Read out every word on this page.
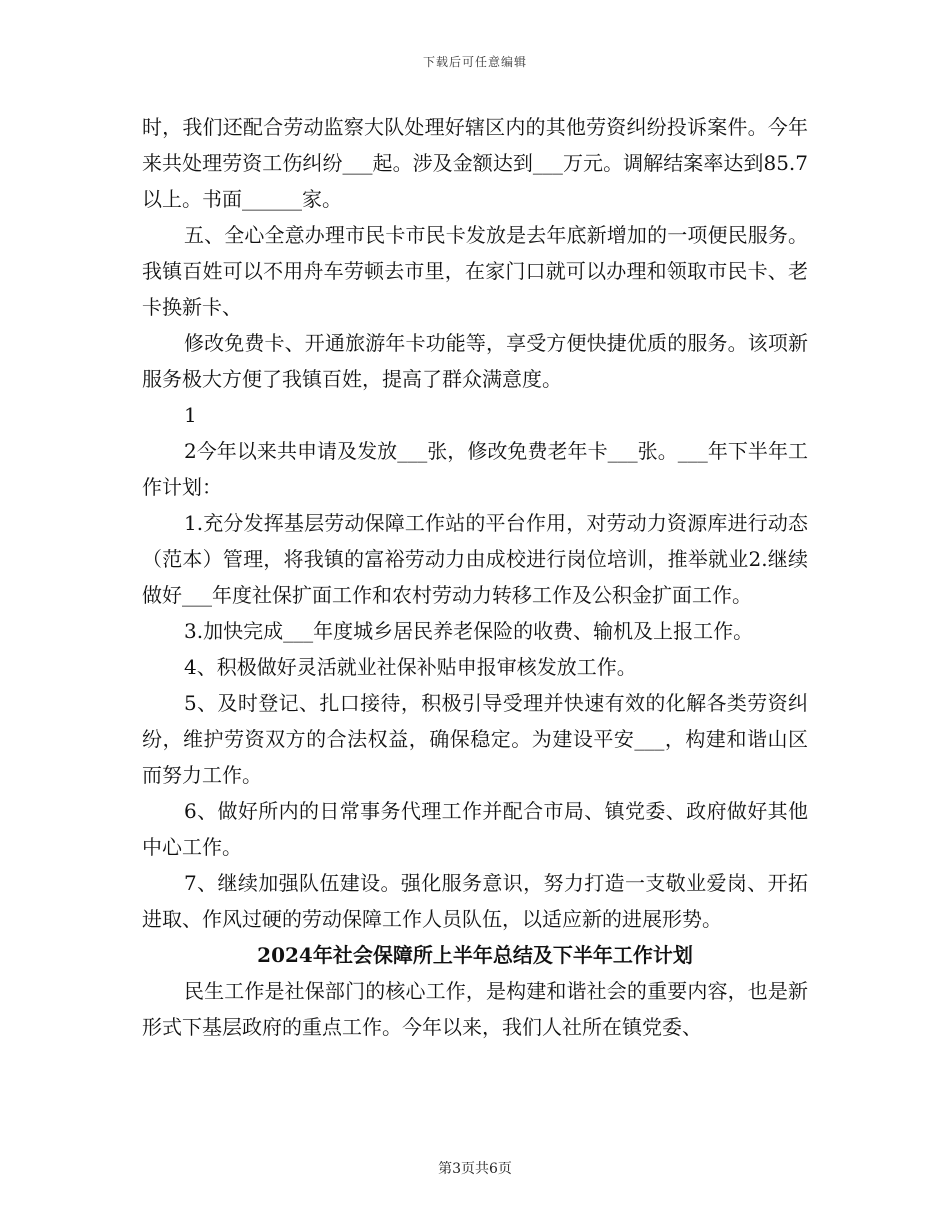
下载后可任意编辑

时，我们还配合劳动监察大队处理好辖区内的其他劳资纠纷投诉案件。今年来共处理劳资工伤纠纷___起。涉及金额达到___万元。调解结案率达到85.7以上。书面______家。

五、全心全意办理市民卡市民卡发放是去年底新增加的一项便民服务。我镇百姓可以不用舟车劳顿去市里，在家门口就可以办理和领取市民卡、老卡换新卡、

修改免费卡、开通旅游年卡功能等，享受方便快捷优质的服务。该项新服务极大方便了我镇百姓，提高了群众满意度。

1

2今年以来共申请及发放___张，修改免费老年卡___张。___年下半年工作计划：

1.充分发挥基层劳动保障工作站的平台作用，对劳动力资源库进行动态（范本）管理，将我镇的富裕劳动力由成校进行岗位培训，推举就业2.继续做好___年度社保扩面工作和农村劳动力转移工作及公积金扩面工作。

3.加快完成___年度城乡居民养老保险的收费、输机及上报工作。

4、积极做好灵活就业社保补贴申报审核发放工作。

5、及时登记、扎口接待，积极引导受理并快速有效的化解各类劳资纠纷，维护劳资双方的合法权益，确保稳定。为建设平安___，构建和谐山区而努力工作。

6、做好所内的日常事务代理工作并配合市局、镇党委、政府做好其他中心工作。

7、继续加强队伍建设。强化服务意识，努力打造一支敬业爱岗、开拓进取、作风过硬的劳动保障工作人员队伍，以适应新的进展形势。

2024年社会保障所上半年总结及下半年工作计划

民生工作是社保部门的核心工作，是构建和谐社会的重要内容，也是新形式下基层政府的重点工作。今年以来，我们人社所在镇党委、

第3页共6页
